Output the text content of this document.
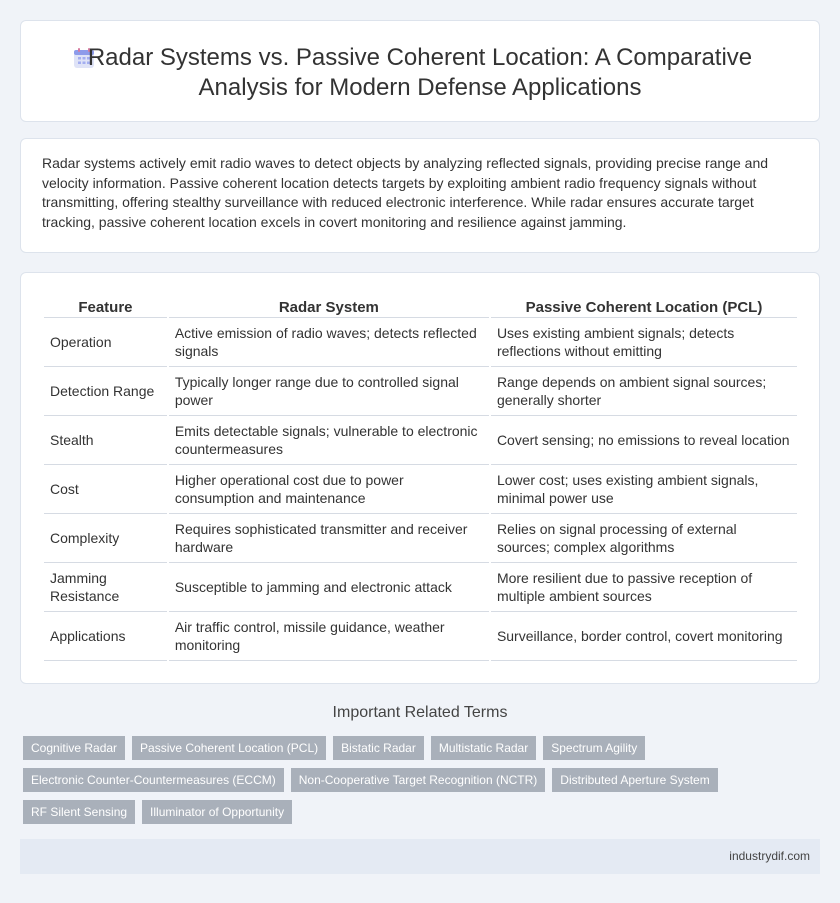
Radar Systems vs. Passive Coherent Location: A Comparative Analysis for Modern Defense Applications

Radar systems actively emit radio waves to detect objects by analyzing reflected signals, providing precise range and velocity information. Passive coherent location detects targets by exploiting ambient radio frequency signals without transmitting, offering stealthy surveillance with reduced electronic interference. While radar ensures accurate target tracking, passive coherent location excels in covert monitoring and resilience against jamming.

Feature	Radar System	Passive Coherent Location (PCL)
Operation	Active emission of radio waves; detects reflected signals	Uses existing ambient signals; detects reflections without emitting
Detection Range	Typically longer range due to controlled signal power	Range depends on ambient signal sources; generally shorter
Stealth	Emits detectable signals; vulnerable to electronic countermeasures	Covert sensing; no emissions to reveal location
Cost	Higher operational cost due to power consumption and maintenance	Lower cost; uses existing ambient signals, minimal power use
Complexity	Requires sophisticated transmitter and receiver hardware	Relies on signal processing of external sources; complex algorithms
Jamming Resistance	Susceptible to jamming and electronic attack	More resilient due to passive reception of multiple ambient sources
Applications	Air traffic control, missile guidance, weather monitoring	Surveillance, border control, covert monitoring
Important Related Terms
Cognitive Radar	Passive Coherent Location (PCL)	Bistatic Radar	Multistatic Radar	Spectrum Agility
Electronic Counter-Countermeasures (ECCM)	Non-Cooperative Target Recognition (NCTR)	Distributed Aperture System
RF Silent Sensing	Illuminator of Opportunity
industrydif.com
